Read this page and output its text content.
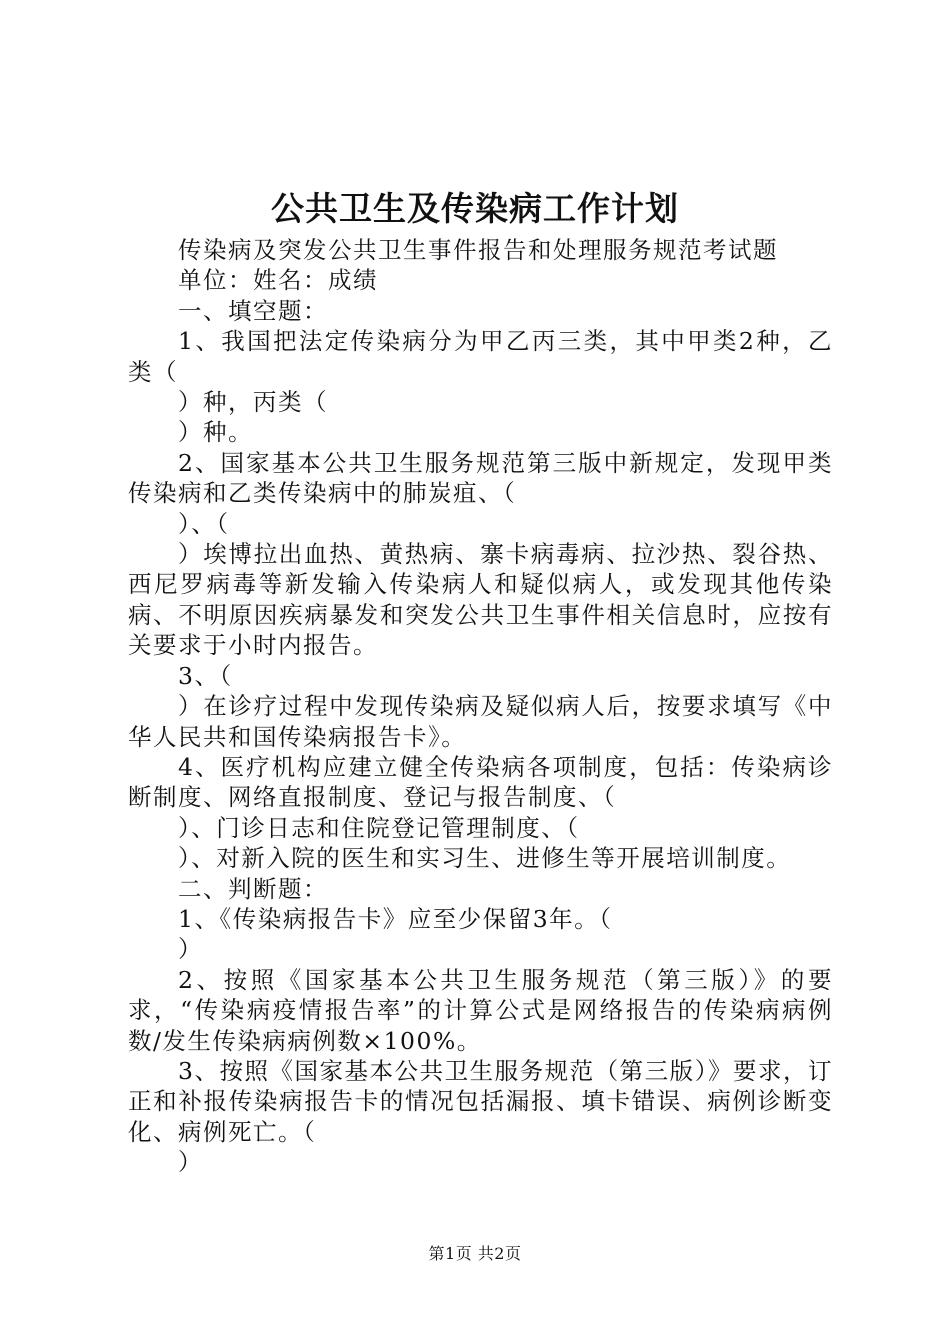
公共卫生及传染病工作计划
传染病及突发公共卫生事件报告和处理服务规范考试题
单位：姓名：成绩
一、填空题：
1、我国把法定传染病分为甲乙丙三类，其中甲类2种，乙类（
）种，丙类（
）种。
2、国家基本公共卫生服务规范第三版中新规定，发现甲类传染病和乙类传染病中的肺炭疽、（
）、（
）埃博拉出血热、黄热病、寨卡病毒病、拉沙热、裂谷热、西尼罗病毒等新发输入传染病人和疑似病人，或发现其他传染病、不明原因疾病暴发和突发公共卫生事件相关信息时，应按有关要求于小时内报告。
3、（
）在诊疗过程中发现传染病及疑似病人后，按要求填写《中华人民共和国传染病报告卡》。
4、医疗机构应建立健全传染病各项制度，包括：传染病诊断制度、网络直报制度、登记与报告制度、（
）、门诊日志和住院登记管理制度、（
）、对新入院的医生和实习生、进修生等开展培训制度。
二、判断题：
1、《传染病报告卡》应至少保留3年。（
）
2、按照《国家基本公共卫生服务规范（第三版）》的要求，“传染病疫情报告率”的计算公式是网络报告的传染病病例数/发生传染病病例数×100%。
3、按照《国家基本公共卫生服务规范（第三版）》要求，订正和补报传染病报告卡的情况包括漏报、填卡错误、病例诊断变化、病例死亡。（
）
第1页 共2页
